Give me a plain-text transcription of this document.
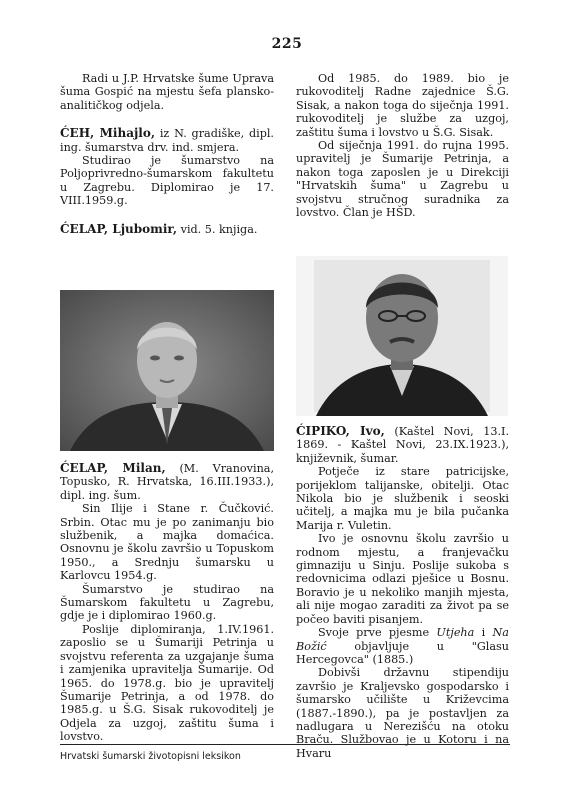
225

Radi u J.P. Hrvatske šume Uprava šuma Gospić na mjestu šefa plansko-analitičkog odjela.

ĆEH, Mihajlo, iz N. gradiške, dipl. ing. šumarstva drv. ind. smjera.

Studirao je šumarstvo na Poljoprivredno-šumarskom fakultetu u Zagrebu. Diplomirao je 17. VIII.1959.g.

ĆELAP, Ljubomir, vid. 5. knjiga.

ĆELAP, Milan, (M. Vranovina, Topusko, R. Hrvatska, 16.III.1933.), dipl. ing. šum.

Sin Ilije i Stane r. Čučković. Srbin. Otac mu je po zanimanju bio službenik, a majka domaćica. Osnovnu je školu završio u Topuskom 1950., a Srednju šumarsku u Karlovcu 1954.g.

Šumarstvo je studirao na Šumarskom fakultetu u Zagrebu, gdje je i diplomirao 1960.g.

Poslije diplomiranja, 1.IV.1961. zaposlio se u Šumariji Petrinja u svojstvu referenta za uzgajanje šuma i zamjenika upravitelja Šumarije. Od 1965. do 1978.g. bio je upravitelj Šumarije Petrinja, a od 1978. do 1985.g. u Š.G. Sisak rukovoditelj je Odjela za uzgoj, zaštitu šuma i lovstvo.

Od 1985. do 1989. bio je rukovoditelj Radne zajednice Š.G. Sisak, a nakon toga do siječnja 1991. rukovoditelj je službe za uzgoj, zaštitu šuma i lovstvo u Š.G. Sisak.

Od siječnja 1991. do rujna 1995. upravitelj je Šumarije Petrinja, a nakon toga zaposlen je u Direkciji "Hrvatskih šuma" u Zagrebu u svojstvu stručnog suradnika za lovstvo. Član je HŠD.

ĆIPIKO, Ivo, (Kaštel Novi, 13.I. 1869. - Kaštel Novi, 23.IX.1923.), književnik, šumar.

Potječe iz stare patricijske, porijeklom talijanske, obitelji. Otac Nikola bio je službenik i seoski učitelj, a majka mu je bila pučanka Marija r. Vuletin.

Ivo je osnovnu školu završio u rodnom mjestu, a franjevačku gimnaziju u Sinju. Poslije sukoba s redovnicima odlazi pješice u Bosnu. Boravio je u nekoliko manjih mjesta, ali nije mogao zaraditi za život pa se počeo baviti pisanjem.

Svoje prve pjesme Utjeha i Na Božić objavljuje u "Glasu Hercegovca" (1885.)

Dobivši državnu stipendiju završio je Kraljevsko gospodarsko i šumarsko učilište u Križevcima (1887.-1890.), pa je postavljen za nadlugara u Nerezišću na otoku Braču. Službovao je u Kotoru i na Hvaru

Hrvatski šumarski životopisni leksikon
